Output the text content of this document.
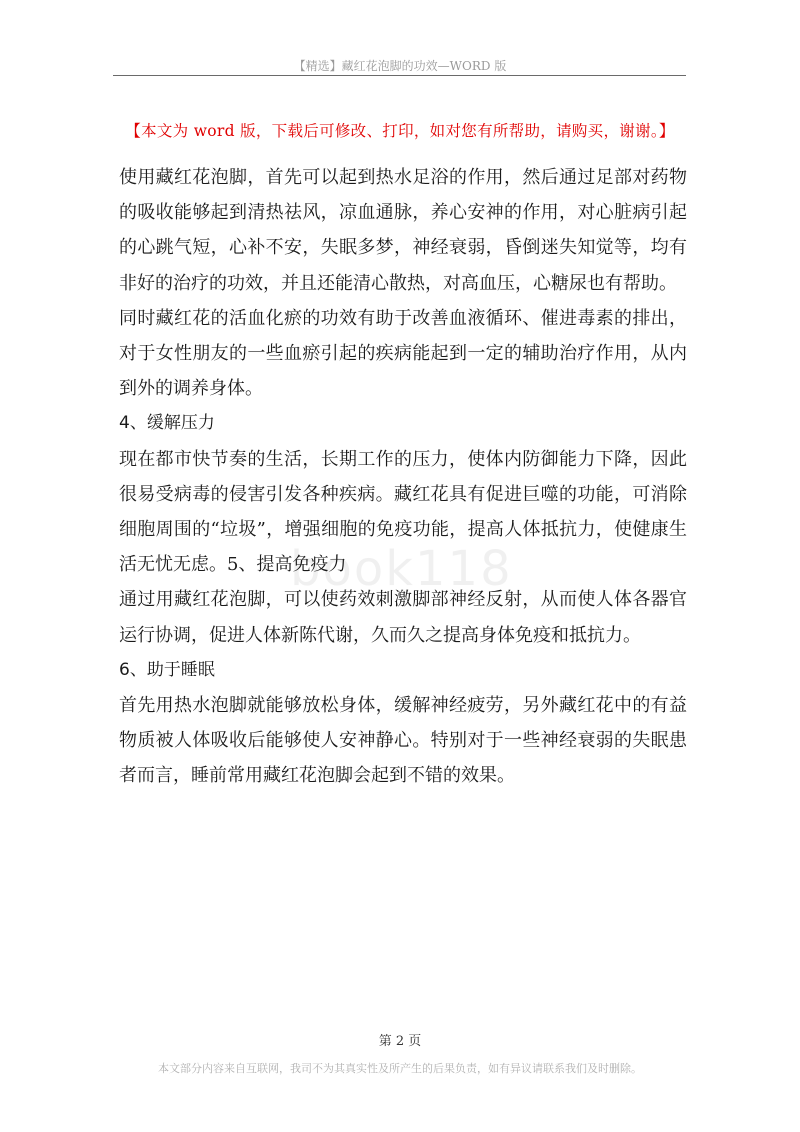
【精选】藏红花泡脚的功效—WORD 版
【本文为 word 版，下载后可修改、打印，如对您有所帮助，请购买，谢谢。】
book118

使用藏红花泡脚，首先可以起到热水足浴的作用，然后通过足部对药物的吸收能够起到清热祛风，凉血通脉，养心安神的作用，对心脏病引起的心跳气短，心补不安，失眠多梦，神经衰弱，昏倒迷失知觉等，均有非好的治疗的功效，并且还能清心散热，对高血压，心糖尿也有帮助。

同时藏红花的活血化瘀的功效有助于改善血液循环、催进毒素的排出，对于女性朋友的一些血瘀引起的疾病能起到一定的辅助治疗作用，从内到外的调养身体。

4、缓解压力

现在都市快节奏的生活，长期工作的压力，使体内防御能力下降，因此很易受病毒的侵害引发各种疾病。藏红花具有促进巨噬的功能，可消除细胞周围的“垃圾”，增强细胞的免疫功能，提高人体抵抗力，使健康生活无忧无虑。5、提高免疫力

通过用藏红花泡脚，可以使药效刺激脚部神经反射，从而使人体各器官运行协调，促进人体新陈代谢，久而久之提高身体免疫和抵抗力。

6、助于睡眠

首先用热水泡脚就能够放松身体，缓解神经疲劳，另外藏红花中的有益物质被人体吸收后能够使人安神静心。特别对于一些神经衰弱的失眠患者而言，睡前常用藏红花泡脚会起到不错的效果。

第 2 页
本文部分内容来自互联网，我司不为其真实性及所产生的后果负责，如有异议请联系我们及时删除。
